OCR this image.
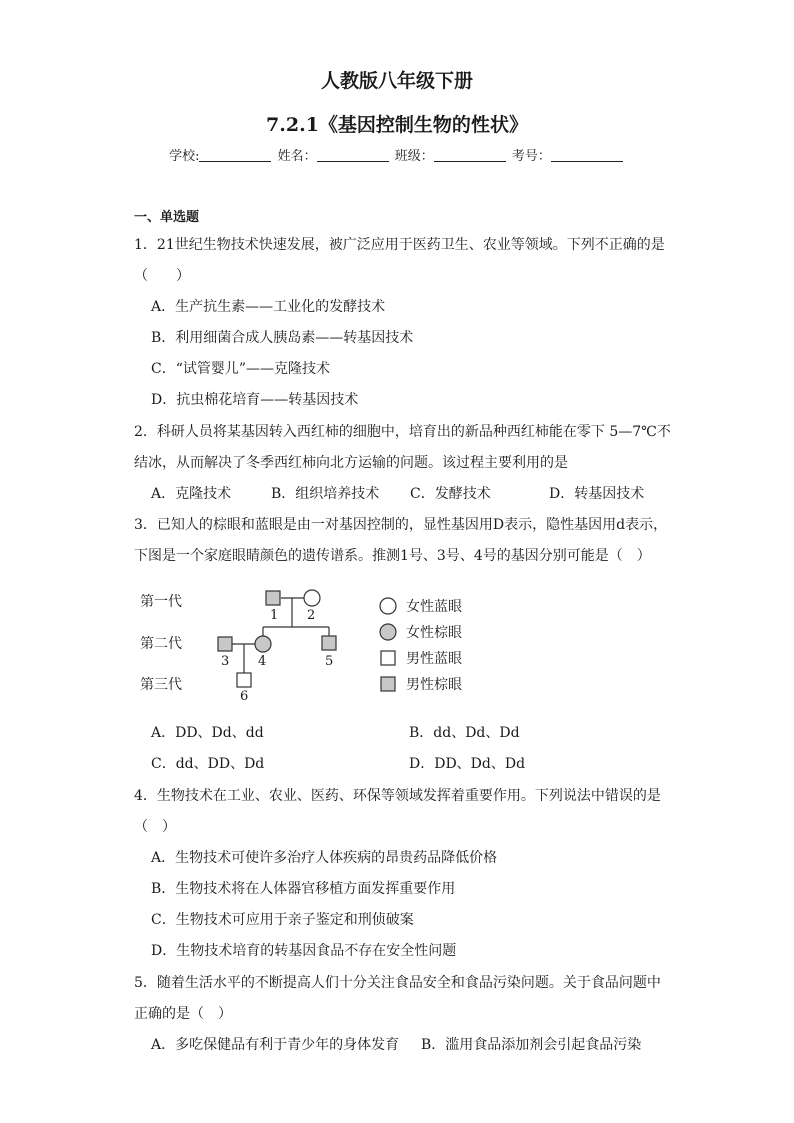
人教版八年级下册
7.2.1《基因控制生物的性状》
学校:	姓名：	班级：	考号：
一、单选题
1．21世纪生物技术快速发展，被广泛应用于医药卫生、农业等领域。下列不正确的是
（　　）
A．生产抗生素——工业化的发酵技术
B．利用细菌合成人胰岛素——转基因技术
C．“试管婴儿”——克隆技术
D．抗虫棉花培育——转基因技术
2．科研人员将某基因转入西红柿的细胞中，培育出的新品种西红柿能在零下 5—7℃不
结冰，从而解决了冬季西红柿向北方运输的问题。该过程主要利用的是
A．克隆技术	B．组织培养技术 C．发酵技术	D．转基因技术
3．已知人的棕眼和蓝眼是由一对基因控制的，显性基因用D表示，隐性基因用d表示，
下图是一个家庭眼睛颜色的遗传谱系。推测1号、3号、4号的基因分别可能是（　）
第一代
第二代
第三代
1 2
3 4	5
6
女性蓝眼
女性棕眼
男性蓝眼
男性棕眼
A．DD、Dd、dd	B．dd、Dd、Dd
C．dd、DD、Dd	D．DD、Dd、Dd
4．生物技术在工业、农业、医药、环保等领域发挥着重要作用。下列说法中错误的是
（　）
A．生物技术可使许多治疗人体疾病的昂贵药品降低价格
B．生物技术将在人体器官移植方面发挥重要作用
C．生物技术可应用于亲子鉴定和刑侦破案
D．生物技术培育的转基因食品不存在安全性问题
5．随着生活水平的不断提高人们十分关注食品安全和食品污染问题。关于食品问题中
正确的是（　）
A．多吃保健品有利于青少年的身体发育 B．滥用食品添加剂会引起食品污染
